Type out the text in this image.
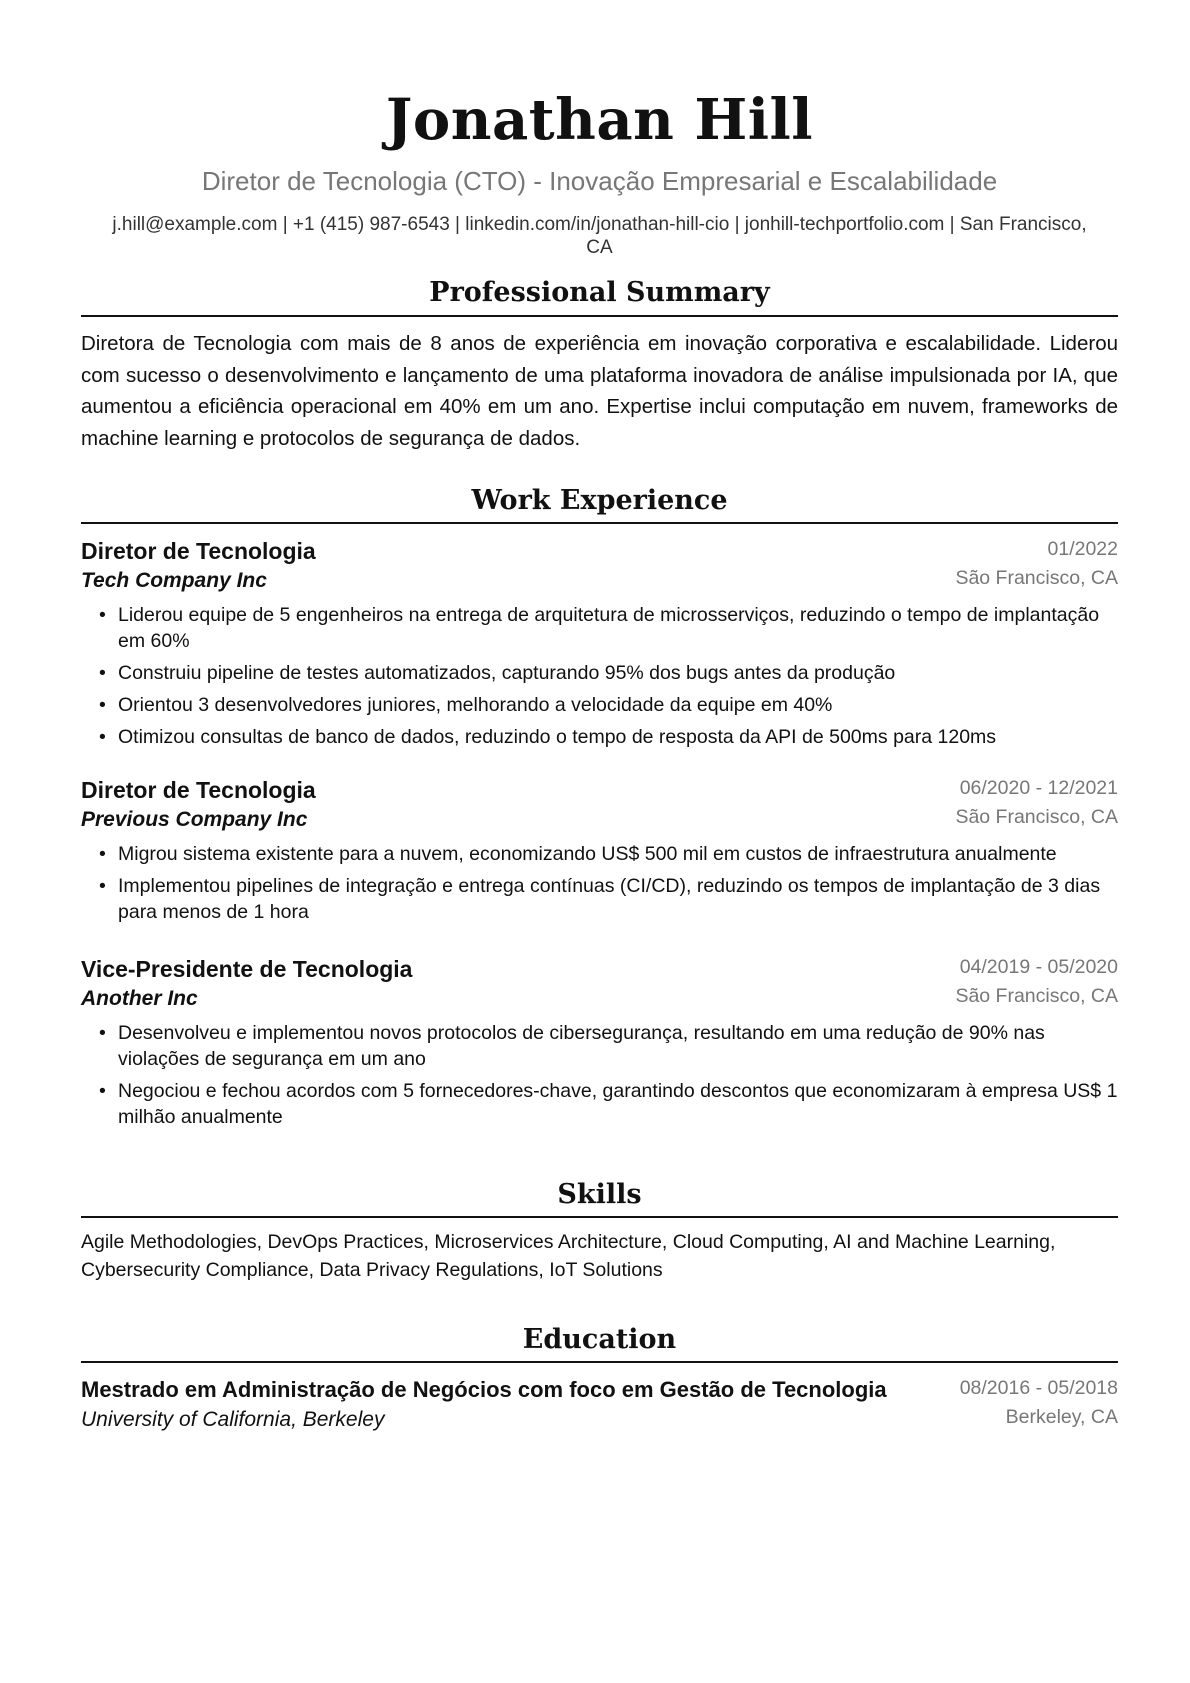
Jonathan Hill
Diretor de Tecnologia (CTO) - Inovação Empresarial e Escalabilidade
j.hill@example.com | +1 (415) 987-6543 | linkedin.com/in/jonathan-hill-cio | jonhill-techportfolio.com | San Francisco,
CA
Professional Summary
Diretora de Tecnologia com mais de 8 anos de experiência em inovação corporativa e escalabilidade. Liderou com sucesso o desenvolvimento e lançamento de uma plataforma inovadora de análise impulsionada por IA, que aumentou a eficiência operacional em 40% em um ano. Expertise inclui computação em nuvem, frameworks de machine learning e protocolos de segurança de dados.
Work Experience
Diretor de Tecnologia	01/2022
Tech Company Inc	São Francisco, CA
• Liderou equipe de 5 engenheiros na entrega de arquitetura de microsserviços, reduzindo o tempo de implantação em 60%
• Construiu pipeline de testes automatizados, capturando 95% dos bugs antes da produção
• Orientou 3 desenvolvedores juniores, melhorando a velocidade da equipe em 40%
• Otimizou consultas de banco de dados, reduzindo o tempo de resposta da API de 500ms para 120ms
Diretor de Tecnologia	06/2020 - 12/2021
Previous Company Inc	São Francisco, CA
• Migrou sistema existente para a nuvem, economizando US$ 500 mil em custos de infraestrutura anualmente
• Implementou pipelines de integração e entrega contínuas (CI/CD), reduzindo os tempos de implantação de 3 dias para menos de 1 hora
Vice-Presidente de Tecnologia	04/2019 - 05/2020
Another Inc	São Francisco, CA
• Desenvolveu e implementou novos protocolos de cibersegurança, resultando em uma redução de 90% nas violações de segurança em um ano
• Negociou e fechou acordos com 5 fornecedores-chave, garantindo descontos que economizaram à empresa US$ 1 milhão anualmente
Skills
Agile Methodologies, DevOps Practices, Microservices Architecture, Cloud Computing, AI and Machine Learning, Cybersecurity Compliance, Data Privacy Regulations, IoT Solutions
Education
Mestrado em Administração de Negócios com foco em Gestão de Tecnologia	08/2016 - 05/2018
University of California, Berkeley	Berkeley, CA
